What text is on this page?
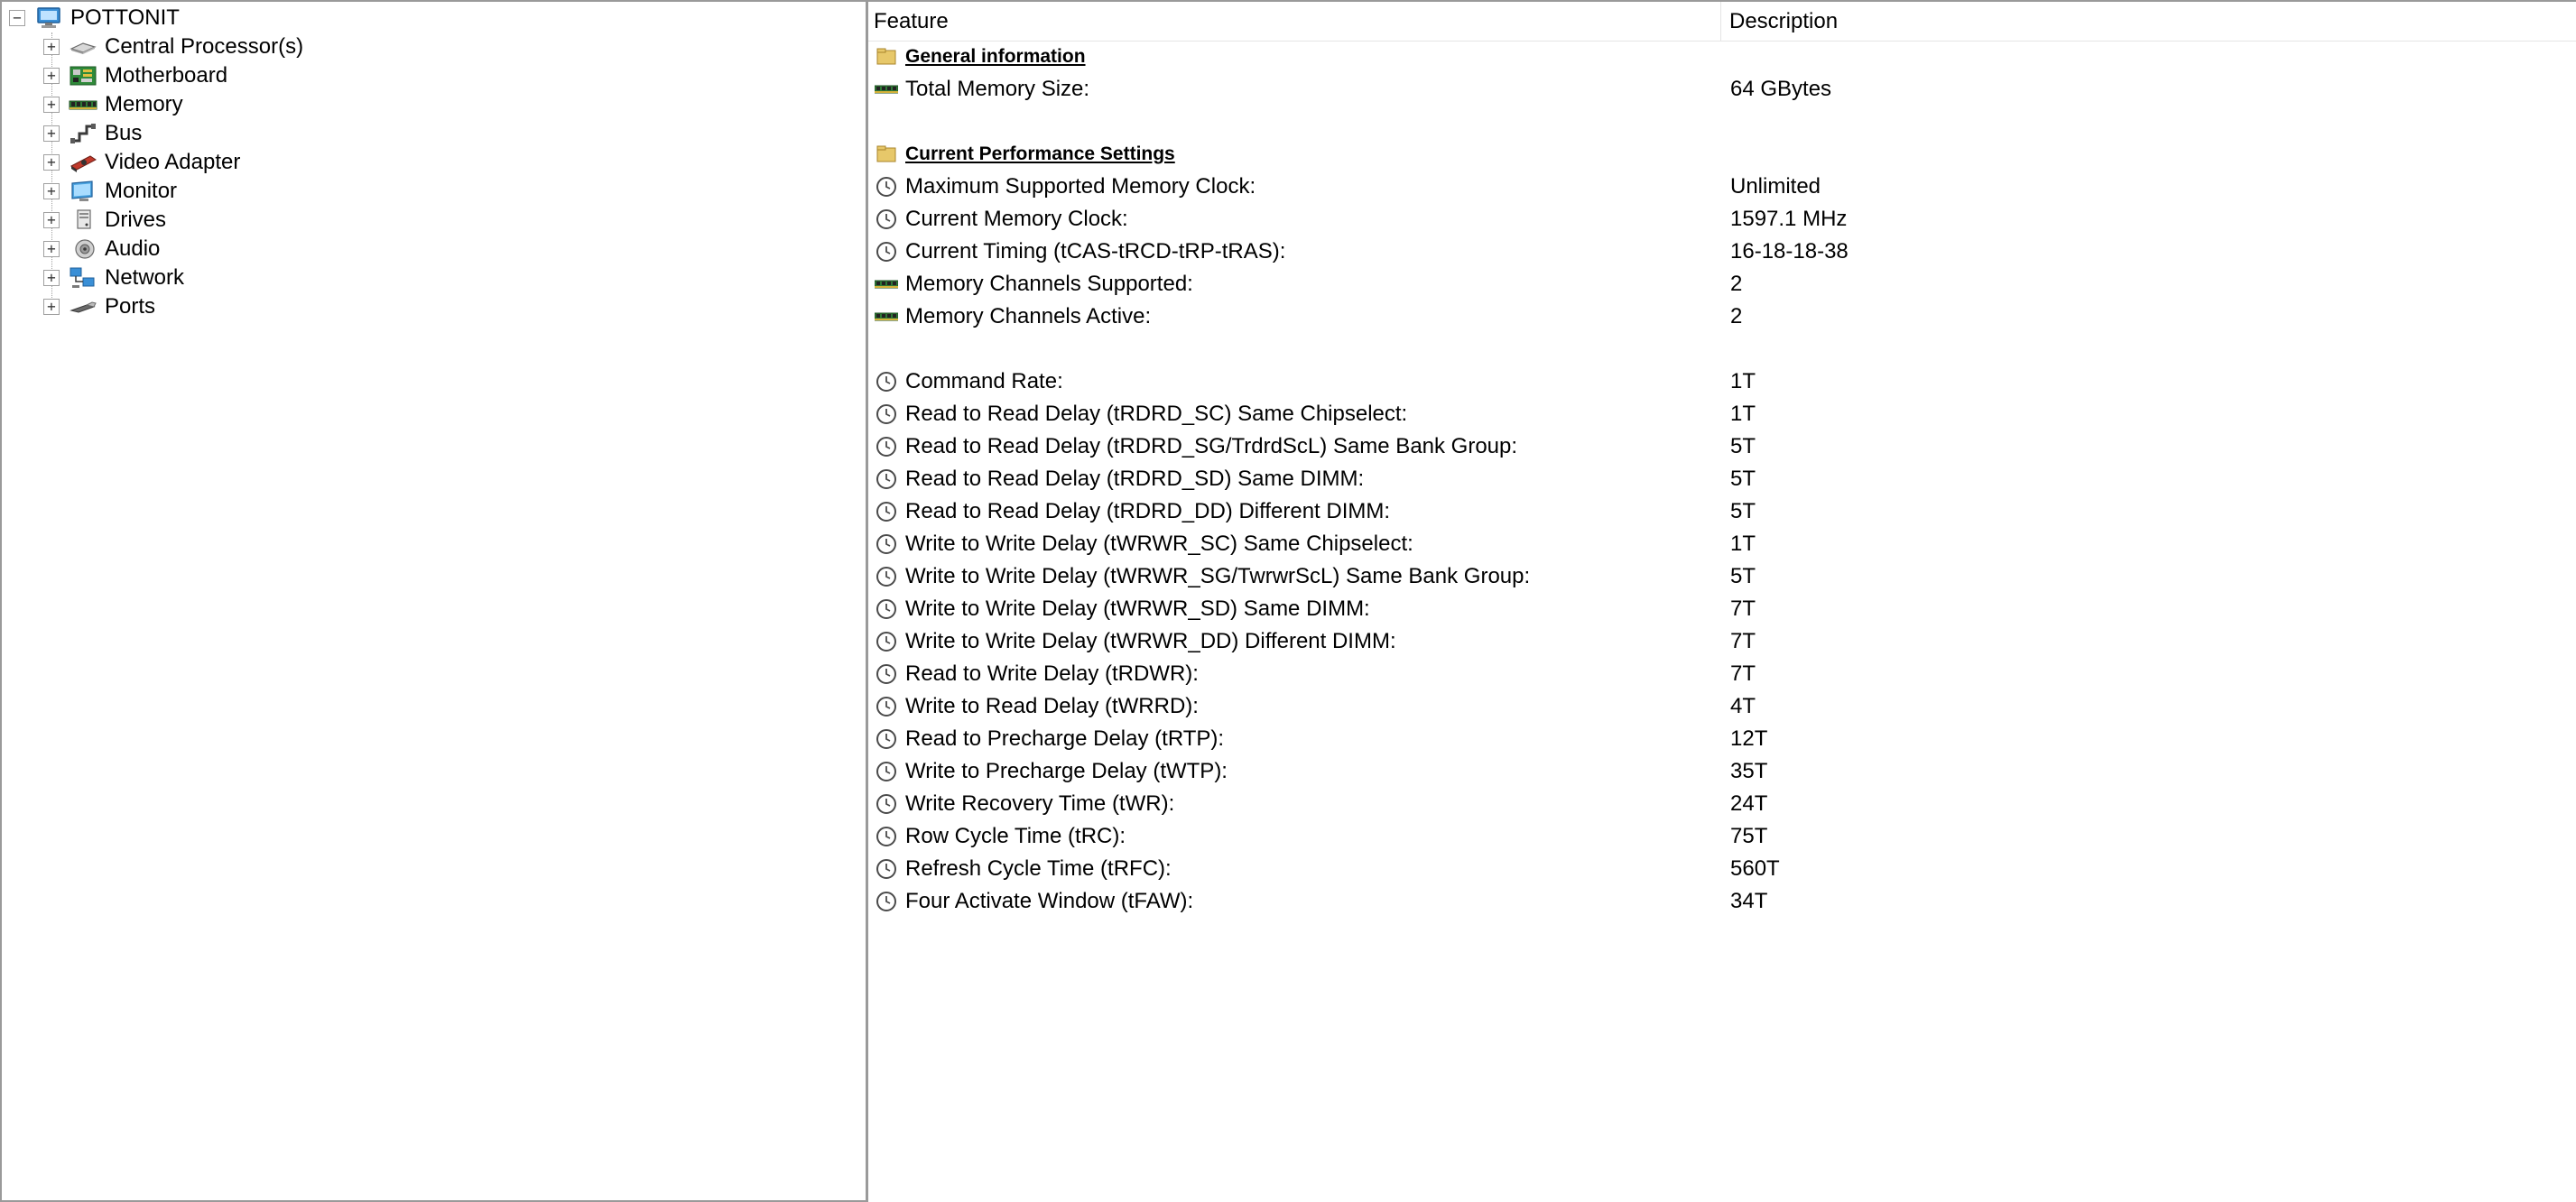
− POTTONIT
+ Central Processor(s)
+ Motherboard
+ Memory
+ Bus
+ Video Adapter
+ Monitor
+ Drives
+ Audio
+ Network
+ Ports
Feature	Description
General information
Total Memory Size:	64 GBytes
Current Performance Settings
Maximum Supported Memory Clock:	Unlimited
Current Memory Clock:	1597.1 MHz
Current Timing (tCAS-tRCD-tRP-tRAS):	16-18-18-38
Memory Channels Supported:	2
Memory Channels Active:	2
Command Rate:	1T
Read to Read Delay (tRDRD_SC) Same Chipselect:	1T
Read to Read Delay (tRDRD_SG/TrdrdScL) Same Bank Group:	5T
Read to Read Delay (tRDRD_SD) Same DIMM:	5T
Read to Read Delay (tRDRD_DD) Different DIMM:	5T
Write to Write Delay (tWRWR_SC) Same Chipselect:	1T
Write to Write Delay (tWRWR_SG/TwrwrScL) Same Bank Group:	5T
Write to Write Delay (tWRWR_SD) Same DIMM:	7T
Write to Write Delay (tWRWR_DD) Different DIMM:	7T
Read to Write Delay (tRDWR):	7T
Write to Read Delay (tWRRD):	4T
Read to Precharge Delay (tRTP):	12T
Write to Precharge Delay (tWTP):	35T
Write Recovery Time (tWR):	24T
Row Cycle Time (tRC):	75T
Refresh Cycle Time (tRFC):	560T
Four Activate Window (tFAW):	34T
